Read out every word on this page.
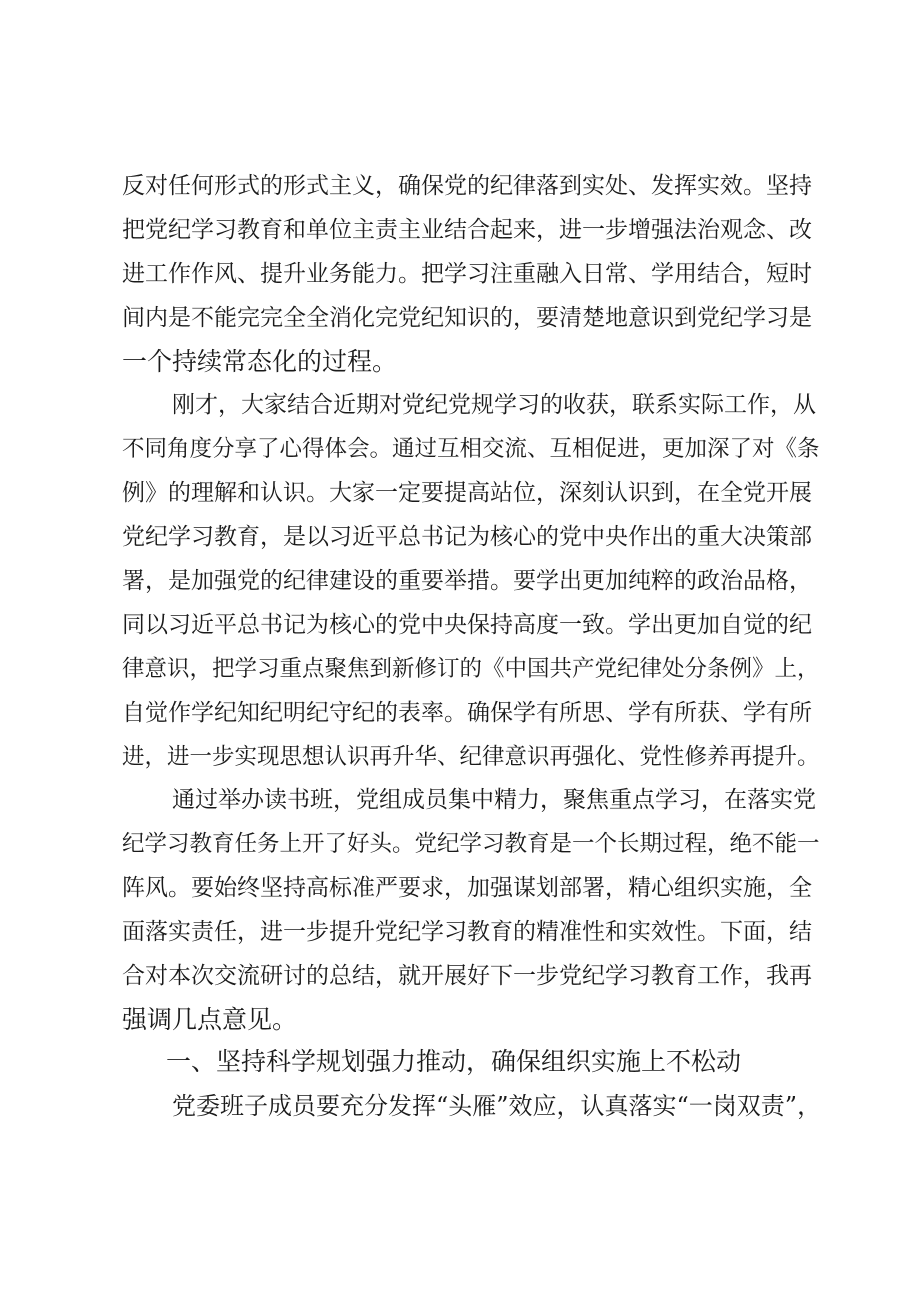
反对任何形式的形式主义，确保党的纪律落到实处、发挥实效。坚持
把党纪学习教育和单位主责主业结合起来，进一步增强法治观念、改
进工作作风、提升业务能力。把学习注重融入日常、学用结合，短时
间内是不能完完全全消化完党纪知识的，要清楚地意识到党纪学习是
一个持续常态化的过程。
刚才，大家结合近期对党纪党规学习的收获，联系实际工作，从
不同角度分享了心得体会。通过互相交流、互相促进，更加深了对《条
例》的理解和认识。大家一定要提高站位，深刻认识到，在全党开展
党纪学习教育，是以习近平总书记为核心的党中央作出的重大决策部
署，是加强党的纪律建设的重要举措。要学出更加纯粹的政治品格，
同以习近平总书记为核心的党中央保持高度一致。学出更加自觉的纪
律意识，把学习重点聚焦到新修订的《中国共产党纪律处分条例》上，
自觉作学纪知纪明纪守纪的表率。确保学有所思、学有所获、学有所
进，进一步实现思想认识再升华、纪律意识再强化、党性修养再提升。
通过举办读书班，党组成员集中精力，聚焦重点学习，在落实党
纪学习教育任务上开了好头。党纪学习教育是一个长期过程，绝不能一
阵风。要始终坚持高标准严要求，加强谋划部署，精心组织实施，全
面落实责任，进一步提升党纪学习教育的精准性和实效性。下面，结
合对本次交流研讨的总结，就开展好下一步党纪学习教育工作，我再
强调几点意见。
一、坚持科学规划强力推动，确保组织实施上不松动
党委班子成员要充分发挥“头雁”效应，认真落实“一岗双责”，
